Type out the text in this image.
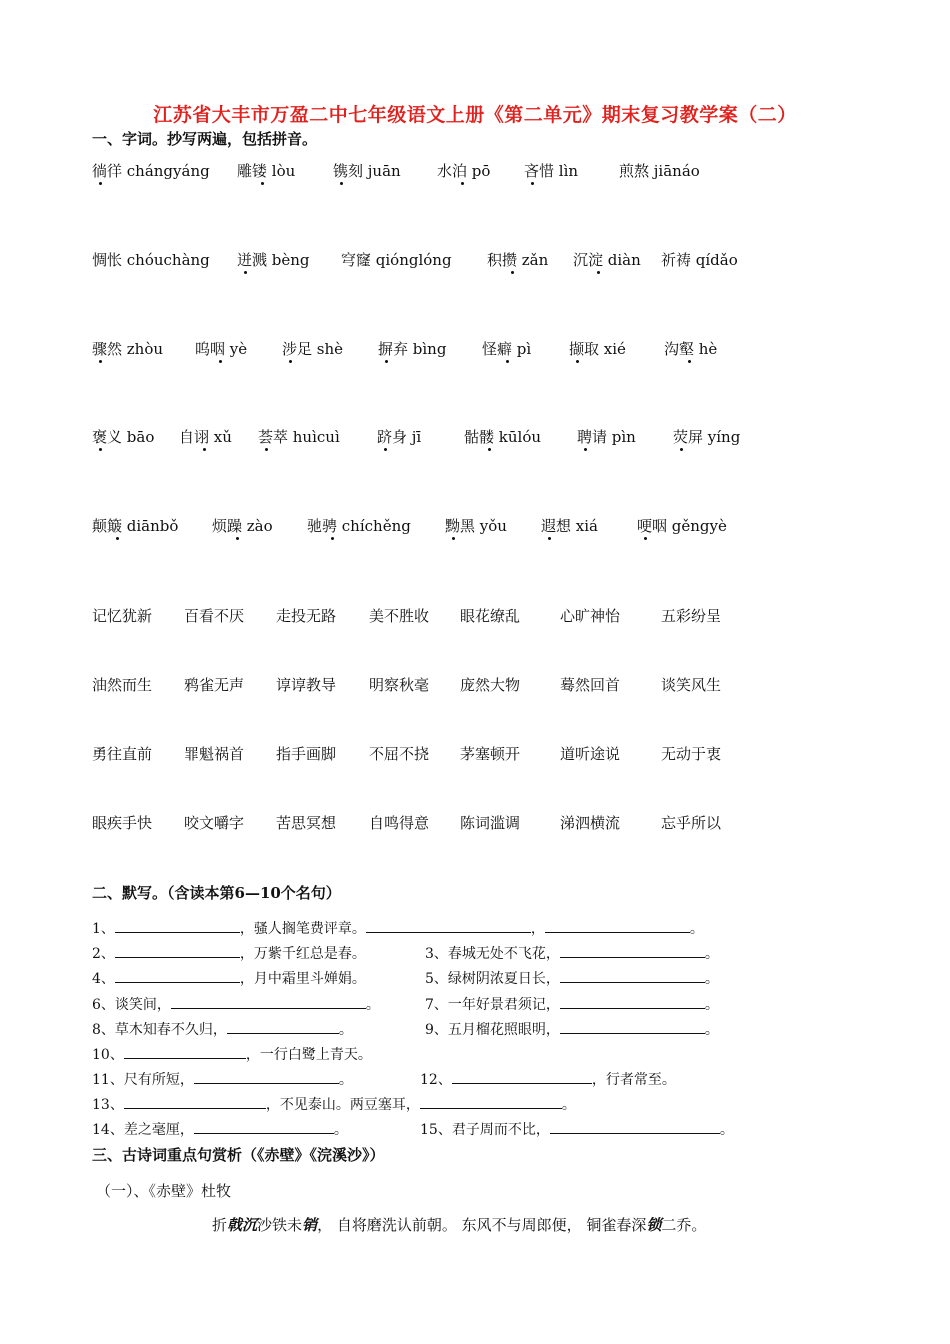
江苏省大丰市万盈二中七年级语文上册《第二单元》期末复习教学案（二）
一、字词。抄写两遍，包括拼音。
徜徉 chángyáng 雕镂 lòu	镌刻 juān 水泊 pō 吝惜 lìn	煎熬 jiānáo
惆怅 chóuchàng 迸溅 bèng 穹窿 qiónglóng 积攒 zǎn 沉淀 diàn 祈祷 qídǎo
骤然 zhòu 呜咽 yè 涉足 shè 摒弃 bìng 怪癖 pì	撷取 xié	沟壑 hè
褒义 bāo 自诩 xǔ 荟萃 huìcuì 跻身 jī	骷髅 kūlóu 聘请 pìn 荧屏 yíng
颠簸 diānbǒ 烦躁 zào 驰骋 chíchěng 黝黑 yǒu 遐想 xiá	哽咽 gěngyè
记忆犹新 百看不厌 走投无路 美不胜收 眼花缭乱	心旷神怡	五彩纷呈
油然而生 鸦雀无声 谆谆教导 明察秋毫 庞然大物	蓦然回首	谈笑风生
勇往直前 罪魁祸首 指手画脚 不屈不挠 茅塞顿开	道听途说	无动于衷
眼疾手快 咬文嚼字 苦思冥想 自鸣得意 陈词滥调	涕泗横流	忘乎所以
二、默写。（含读本第6—10个名句）
1、	，骚人搁笔费评章。	，	。
2、	，万紫千红总是春。	3、春城无处不飞花，	。
4、	，月中霜里斗婵娟。	5、绿树阴浓夏日长，	。
6、谈笑间，	。	7、一年好景君须记，	。
8、草木知春不久归，	。	9、五月榴花照眼明，	。
10、	，一行白鹭上青天。
11、尺有所短，	。	12、	，行者常至。
13、	，不见泰山。两豆塞耳，	。
14、差之毫厘，	。	15、君子周而不比，	。
三、古诗词重点句赏析（《赤壁》《浣溪沙》）
（一）、《赤壁》杜牧
折戟沉沙铁未销， 自将磨洗认前朝。 东风不与周郎便， 铜雀春深锁二乔。
